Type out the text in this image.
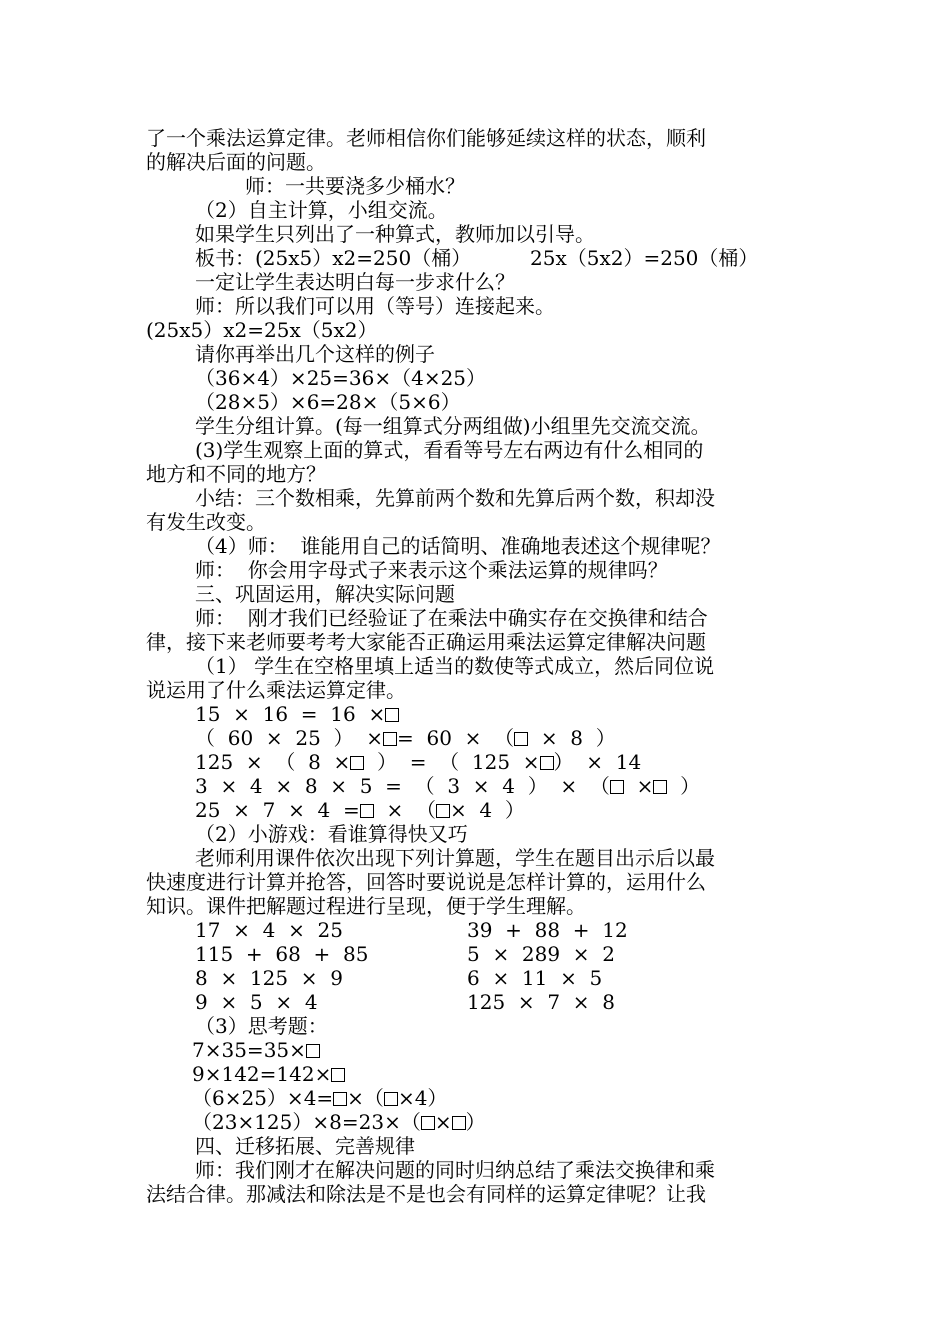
了一个乘法运算定律。老师相信你们能够延续这样的状态，顺利
的解决后面的问题。
师：一共要浇多少桶水？
（2）自主计算，小组交流。
如果学生只列出了一种算式，教师加以引导。
板书：(25x5）x2=250（桶）	25x（5x2）=250（桶）
一定让学生表达明白每一步求什么？
师：所以我们可以用（等号）连接起来。
(25x5）x2=25x（5x2）
请你再举出几个这样的例子
（36×4）×25=36×（4×25）
（28×5）×6=28×（5×6）
学生分组计算。(每一组算式分两组做)小组里先交流交流。
(3)学生观察上面的算式，看看等号左右两边有什么相同的
地方和不同的地方？
小结：三个数相乘，先算前两个数和先算后两个数，积却没
有发生改变。
（4）师：  谁能用自己的话简明、准确地表述这个规律呢？
师：  你会用字母式子来表示这个乘法运算的规律吗？
三、巩固运用，解决实际问题
师：  刚才我们已经验证了在乘法中确实存在交换律和结合
律，接下来老师要考考大家能否正确运用乘法运算定律解决问题
（1） 学生在空格里填上适当的数使等式成立，然后同位说
说运用了什么乘法运算定律。
15  ×  16  =  16  ×
（  60  ×  25  ）  × =  60  ×  （  ×  8  ）
125  ×  （  8  ×  ）  =  （  125  × ）  ×  14
3  ×  4  ×  8  ×  5  =  （  3  ×  4  ）  ×  （  ×  ）
25  ×  7  ×  4  =  ×  （ ×  4  ）
（2）小游戏：看谁算得快又巧
老师利用课件依次出现下列计算题，学生在题目出示后以最
快速度进行计算并抢答，回答时要说说是怎样计算的，运用什么
知识。课件把解题过程进行呈现，便于学生理解。
17  ×  4  ×  25	39  +  88  +  12
115  +  68  +  85	5  ×  289  ×  2
8  ×  125  ×  9	6  ×  11  ×  5
9  ×  5  ×  4	125  ×  7  ×  8
（3）思考题：
7×35=35×
9×142=142×
（6×25）×4= ×（ ×4）
（23×125）×8=23×（ × ）
四、迁移拓展、完善规律
师：我们刚才在解决问题的同时归纳总结了乘法交换律和乘
法结合律。那减法和除法是不是也会有同样的运算定律呢？让我
